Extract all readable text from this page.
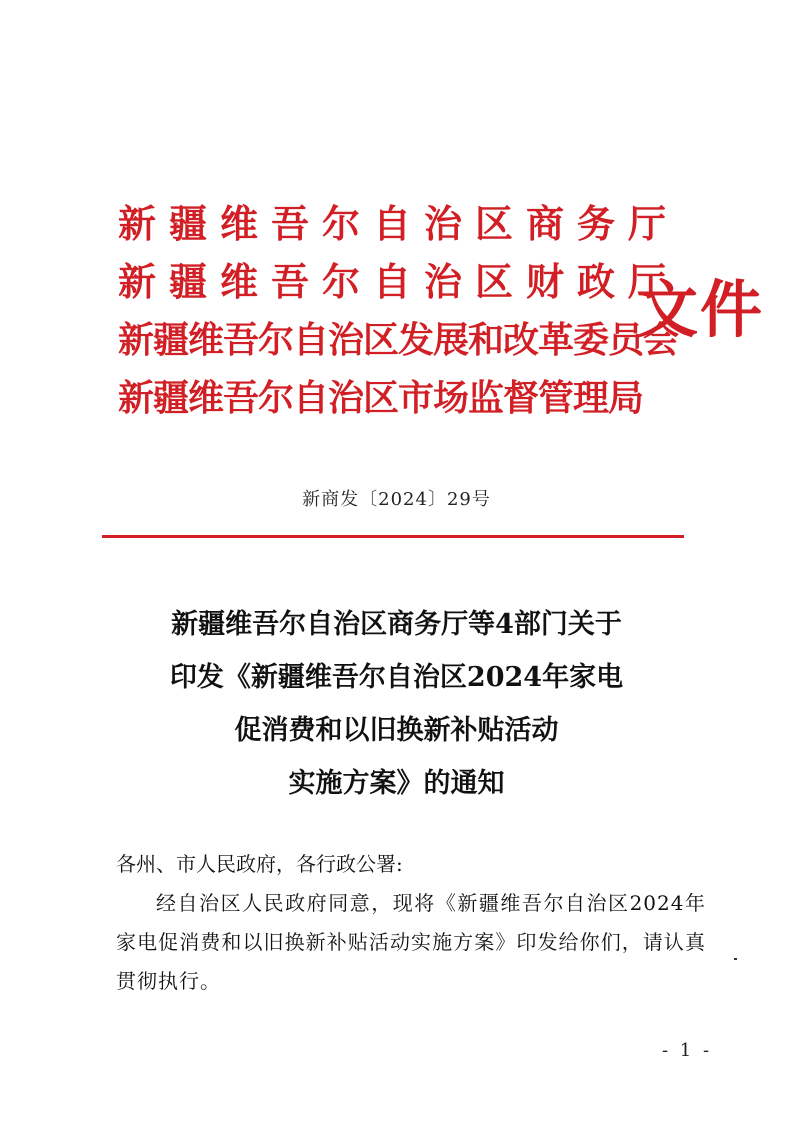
新疆维吾尔自治区商务厅
新疆维吾尔自治区财政厅
新疆维吾尔自治区发展和改革委员会
新疆维吾尔自治区市场监督管理局
文件
新商发〔2024〕29号
新疆维吾尔自治区商务厅等4部门关于
印发《新疆维吾尔自治区2024年家电
促消费和以旧换新补贴活动
实施方案》的通知
各州、市人民政府，各行政公署:
经自治区人民政府同意，现将《新疆维吾尔自治区2024年家电促消费和以旧换新补贴活动实施方案》印发给你们，请认真贯彻执行。
- 1 -
